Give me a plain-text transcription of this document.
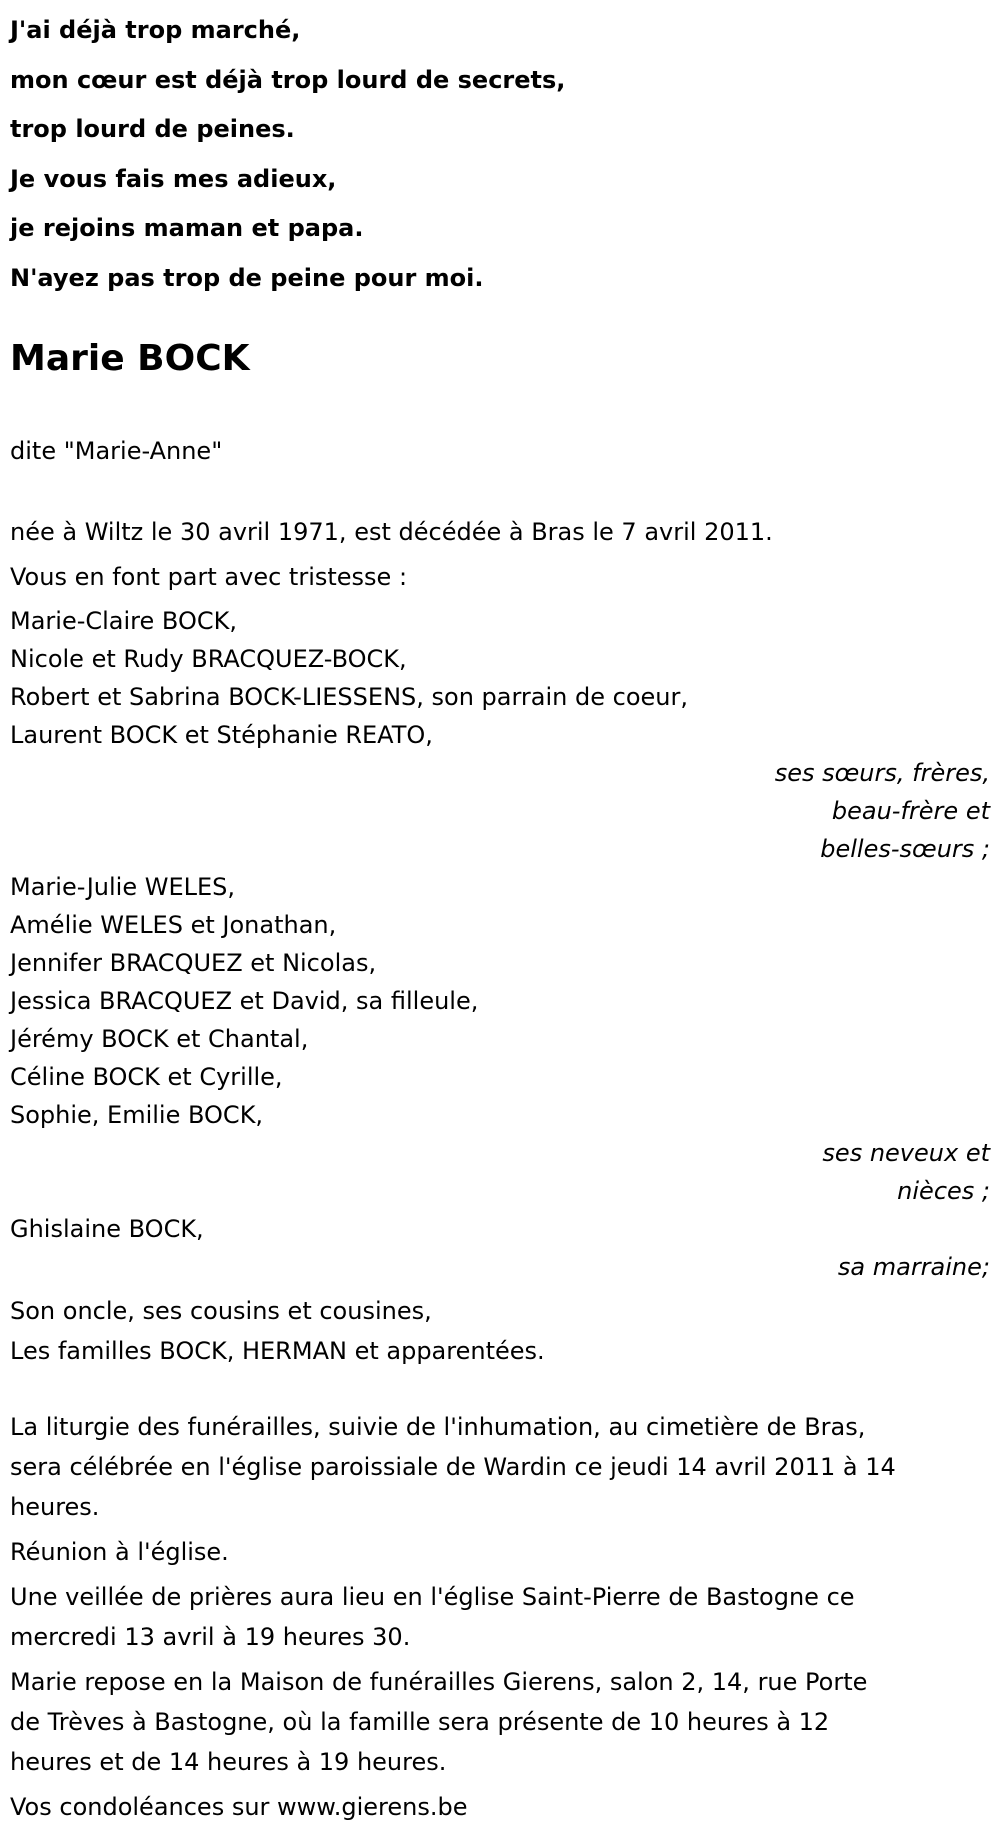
J'ai déjà trop marché,
mon cœur est déjà trop lourd de secrets,
trop lourd de peines.
Je vous fais mes adieux,
je rejoins maman et papa.
N'ayez pas trop de peine pour moi.
Marie BOCK
dite "Marie-Anne"
née à Wiltz le 30 avril 1971, est décédée à Bras le 7 avril 2011.
Vous en font part avec tristesse :
Marie-Claire BOCK,
Nicole et Rudy BRACQUEZ-BOCK,
Robert et Sabrina BOCK-LIESSENS, son parrain de coeur,
Laurent BOCK et Stéphanie REATO,
ses sœurs, frères,
beau-frère et
belles-sœurs ;
Marie-Julie WELES,
Amélie WELES et Jonathan,
Jennifer BRACQUEZ et Nicolas,
Jessica BRACQUEZ et David, sa filleule,
Jérémy BOCK et Chantal,
Céline BOCK et Cyrille,
Sophie, Emilie BOCK,
ses neveux et
nièces ;
Ghislaine BOCK,
sa marraine;
Son oncle, ses cousins et cousines,
Les familles BOCK, HERMAN et apparentées.
La liturgie des funérailles, suivie de l'inhumation, au cimetière de Bras,
sera célébrée en l'église paroissiale de Wardin ce jeudi 14 avril 2011 à 14
heures.
Réunion à l'église.
Une veillée de prières aura lieu en l'église Saint-Pierre de Bastogne ce
mercredi 13 avril à 19 heures 30.
Marie repose en la Maison de funérailles Gierens, salon 2, 14, rue Porte
de Trèves à Bastogne, où la famille sera présente de 10 heures à 12
heures et de 14 heures à 19 heures.
Vos condoléances sur www.gierens.be
